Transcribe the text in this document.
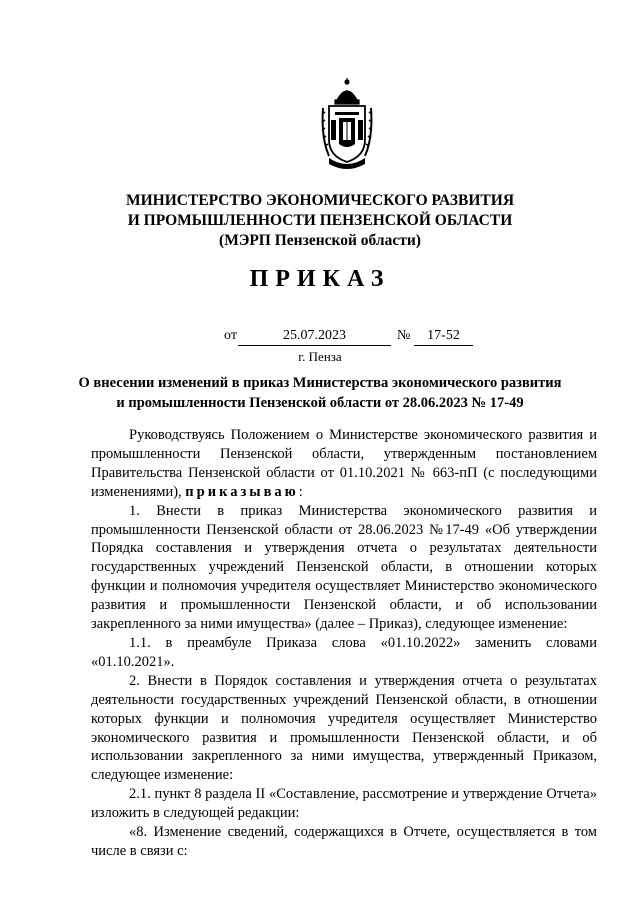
МИНИСТЕРСТВО ЭКОНОМИЧЕСКОГО РАЗВИТИЯ
И ПРОМЫШЛЕННОСТИ ПЕНЗЕНСКОЙ ОБЛАСТИ
(МЭРП Пензенской области)
ПРИКАЗ
от	25.07.2023	№	17-52
г. Пенза
О внесении изменений в приказ Министерства экономического развития
и промышленности Пензенской области от 28.06.2023 № 17-49

Руководствуясь Положением о Министерстве экономического развития и промышленности Пензенской области, утвержденным постановлением Правительства Пензенской области от 01.10.2021 № 663-пП (с последующими изменениями), приказываю:

1. Внести в приказ Министерства экономического развития и промышленности Пензенской области от 28.06.2023 №17-49 «Об утверждении Порядка составления и утверждения отчета о результатах деятельности государственных учреждений Пензенской области, в отношении которых функции и полномочия учредителя осуществляет Министерство экономического развития и промышленности Пензенской области, и об использовании закрепленного за ними имущества» (далее – Приказ), следующее изменение:

1.1. в преамбуле Приказа слова «01.10.2022» заменить словами «01.10.2021».

2. Внести в Порядок составления и утверждения отчета о результатах деятельности государственных учреждений Пензенской области, в отношении которых функции и полномочия учредителя осуществляет Министерство экономического развития и промышленности Пензенской области, и об использовании закрепленного за ними имущества, утвержденный Приказом, следующее изменение:

2.1. пункт 8 раздела II «Составление, рассмотрение и утверждение Отчета» изложить в следующей редакции:

«8. Изменение сведений, содержащихся в Отчете, осуществляется в том числе в связи с:
